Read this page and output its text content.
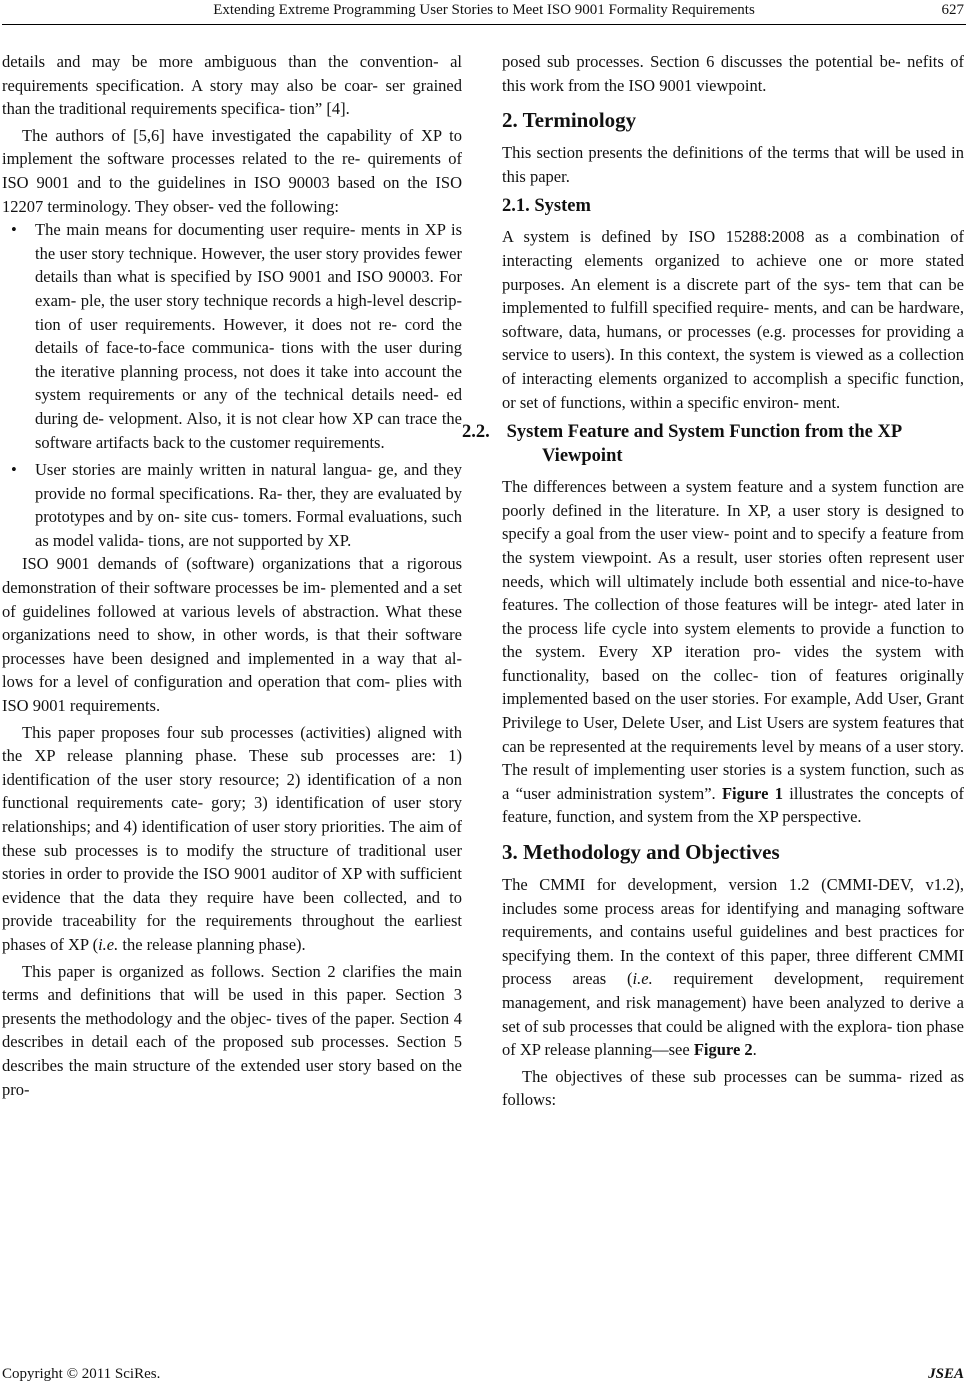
Extending Extreme Programming User Stories to Meet ISO 9001 Formality Requirements	627

details and may be more ambiguous than the convention- al requirements specification. A story may also be coar- ser grained than the traditional requirements specifica- tion” [4].

The authors of [5,6] have investigated the capability of XP to implement the software processes related to the re- quirements of ISO 9001 and to the guidelines in ISO 90003 based on the ISO 12207 terminology. They obser- ved the following:

• The main means for documenting user require- ments in XP is the user story technique. However, the user story provides fewer details than what is specified by ISO 9001 and ISO 90003. For exam- ple, the user story technique records a high-level descrip- tion of user requirements. However, it does not re- cord the details of face-to-face communica- tions with the user during the iterative planning process, not does it take into account the system requirements or any of the technical details need- ed during de- velopment. Also, it is not clear how XP can trace the software artifacts back to the customer requirements.
• User stories are mainly written in natural langua- ge, and they provide no formal specifications. Ra- ther, they are evaluated by prototypes and by on- site cus- tomers. Formal evaluations, such as model valida- tions, are not supported by XP.

ISO 9001 demands of (software) organizations that a rigorous demonstration of their software processes be im- plemented and a set of guidelines followed at various levels of abstraction. What these organizations need to show, in other words, is that their software processes have been designed and implemented in a way that al- lows for a level of configuration and operation that com- plies with ISO 9001 requirements.

This paper proposes four sub processes (activities) aligned with the XP release planning phase. These sub processes are: 1) identification of the user story resource; 2) identification of a non functional requirements cate- gory; 3) identification of user story relationships; and 4) identification of user story priorities. The aim of these sub processes is to modify the structure of traditional user stories in order to provide the ISO 9001 auditor of XP with sufficient evidence that the data they require have been collected, and to provide traceability for the requirements throughout the earliest phases of XP (i.e. the release planning phase).

This paper is organized as follows. Section 2 clarifies the main terms and definitions that will be used in this paper. Section 3 presents the methodology and the objec- tives of the paper. Section 4 describes in detail each of the proposed sub processes. Section 5 describes the main structure of the extended user story based on the pro-

posed sub processes. Section 6 discusses the potential be- nefits of this work from the ISO 9001 viewpoint.

2. Terminology

This section presents the definitions of the terms that will be used in this paper.

2.1. System

A system is defined by ISO 15288:2008 as a combination of interacting elements organized to achieve one or more stated purposes. An element is a discrete part of the sys- tem that can be implemented to fulfill specified require- ments, and can be hardware, software, data, humans, or processes (e.g. processes for providing a service to users). In this context, the system is viewed as a collection of interacting elements organized to accomplish a specific function, or set of functions, within a specific environ- ment.

2.2. System Feature and System Function from the XP Viewpoint

The differences between a system feature and a system function are poorly defined in the literature. In XP, a user story is designed to specify a goal from the user view- point and to specify a feature from the system viewpoint. As a result, user stories often represent user needs, which will ultimately include both essential and nice-to-have features. The collection of those features will be integr- ated later in the process life cycle into system elements to provide a function to the system. Every XP iteration pro- vides the system with functionality, based on the collec- tion of features originally implemented based on the user stories. For example, Add User, Grant Privilege to User, Delete User, and List Users are system features that can be represented at the requirements level by means of a user story. The result of implementing user stories is a system function, such as a “user administration system”. Figure 1 illustrates the concepts of feature, function, and system from the XP perspective.

3. Methodology and Objectives

The CMMI for development, version 1.2 (CMMI-DEV, v1.2), includes some process areas for identifying and managing software requirements, and contains useful guidelines and best practices for specifying them. In the context of this paper, three different CMMI process areas (i.e. requirement development, requirement management, and risk management) have been analyzed to derive a set of sub processes that could be aligned with the explora- tion phase of XP release planning—see Figure 2.

The objectives of these sub processes can be summa- rized as follows:

Copyright © 2011 SciRes.	JSEA
